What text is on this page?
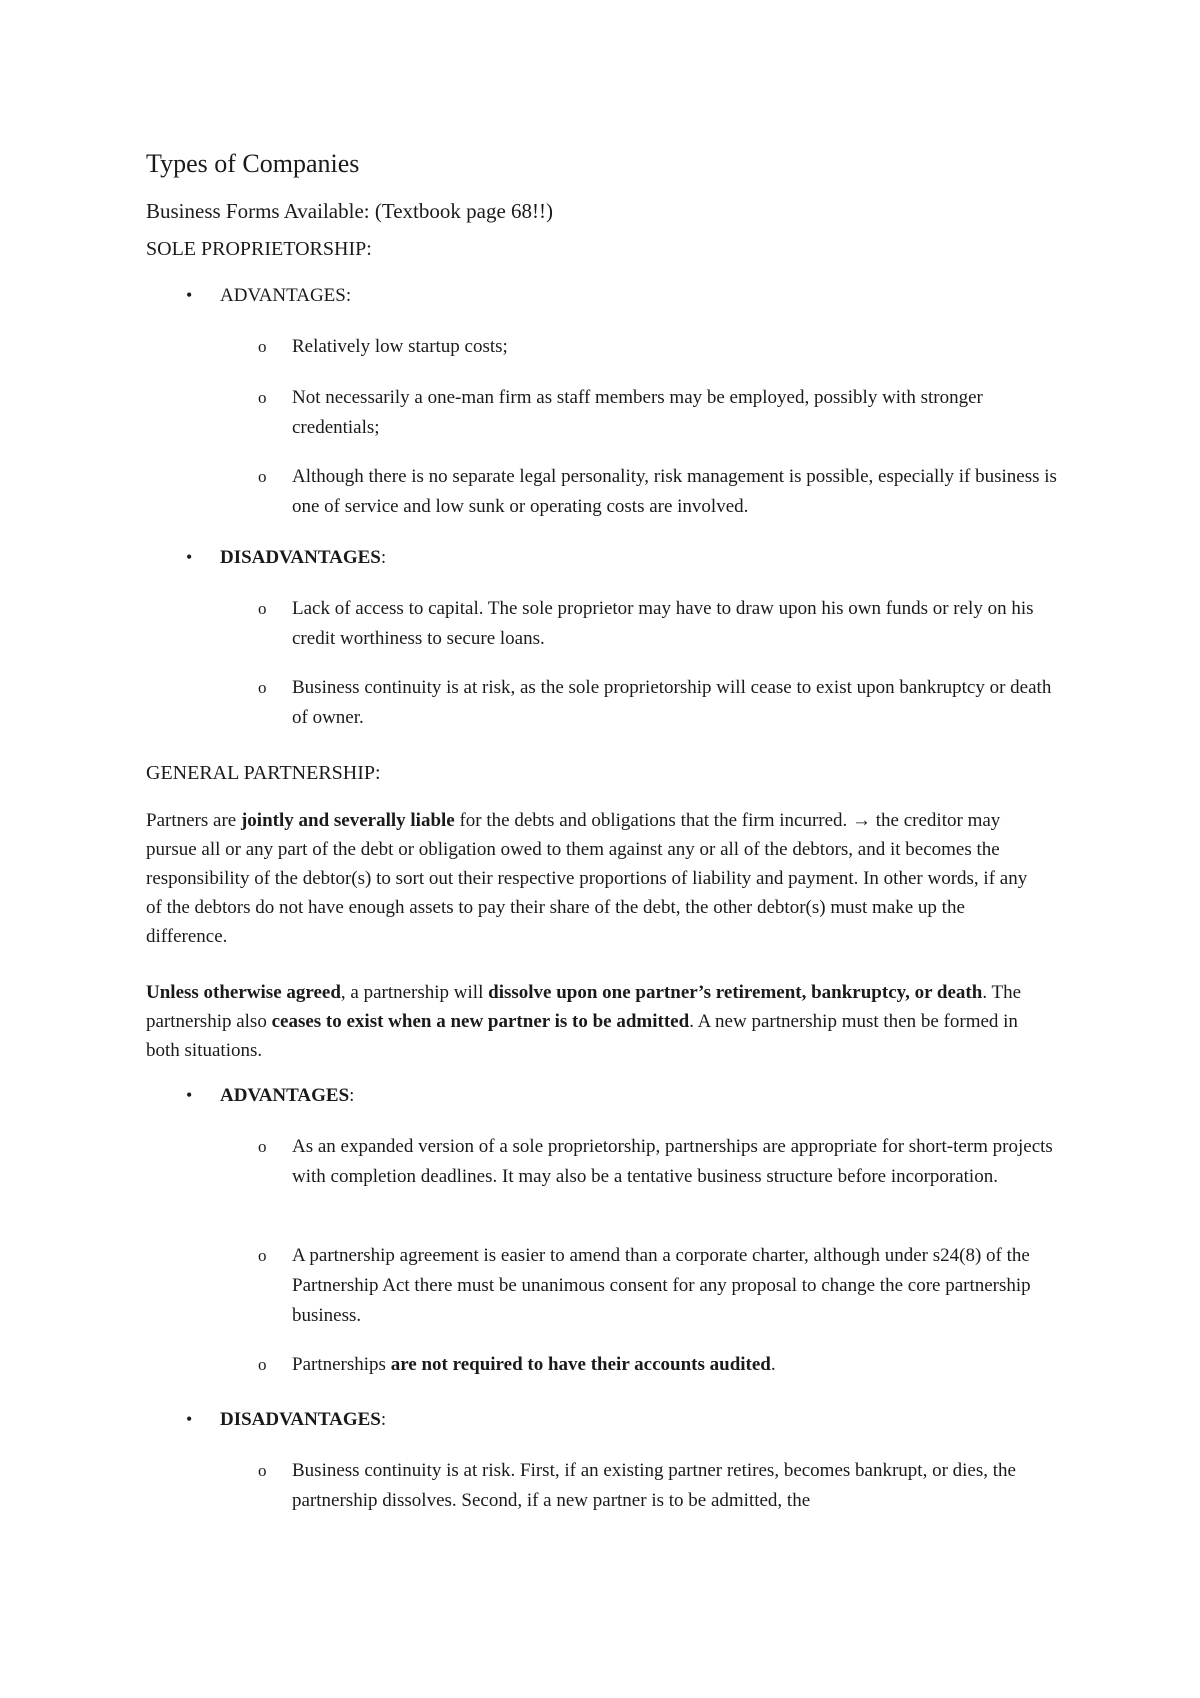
Types of Companies

Business Forms Available: (Textbook page 68!!)

SOLE PROPRIETORSHIP:
• ADVANTAGES:
o Relatively low startup costs;
o Not necessarily a one-man firm as staff members may be employed, possibly with stronger credentials;
o Although there is no separate legal personality, risk management is possible, especially if business is one of service and low sunk or operating costs are involved.
• DISADVANTAGES:
o Lack of access to capital. The sole proprietor may have to draw upon his own funds or rely on his credit worthiness to secure loans.
o Business continuity is at risk, as the sole proprietorship will cease to exist upon bankruptcy or death of owner.
GENERAL PARTNERSHIP:

Partners are jointly and severally liable for the debts and obligations that the firm incurred. → the creditor may pursue all or any part of the debt or obligation owed to them against any or all of the debtors, and it becomes the responsibility of the debtor(s) to sort out their respective proportions of liability and payment. In other words, if any of the debtors do not have enough assets to pay their share of the debt, the other debtor(s) must make up the difference.

Unless otherwise agreed, a partnership will dissolve upon one partner’s retirement, bankruptcy, or death. The partnership also ceases to exist when a new partner is to be admitted. A new partnership must then be formed in both situations.

• ADVANTAGES:
o As an expanded version of a sole proprietorship, partnerships are appropriate for short-term projects with completion deadlines. It may also be a tentative business structure before incorporation.
o A partnership agreement is easier to amend than a corporate charter, although under s24(8) of the Partnership Act there must be unanimous consent for any proposal to change the core partnership business.
o Partnerships are not required to have their accounts audited.
• DISADVANTAGES:
o Business continuity is at risk. First, if an existing partner retires, becomes bankrupt, or dies, the partnership dissolves. Second, if a new partner is to be admitted, the
